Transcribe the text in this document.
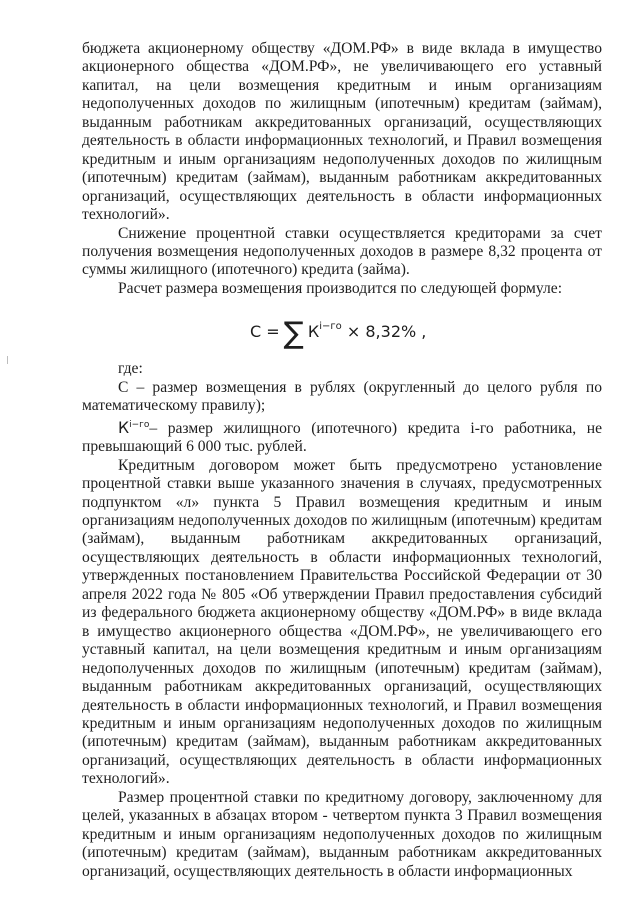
бюджета акционерному обществу «ДОМ.РФ» в виде вклада в имущество акционерного общества «ДОМ.РФ», не увеличивающего его уставный капитал, на цели возмещения кредитным и иным организациям недополученных доходов по жилищным (ипотечным) кредитам (займам), выданным работникам аккредитованных организаций, осуществляющих деятельность в области информационных технологий, и Правил возмещения кредитным и иным организациям недополученных доходов по жилищным (ипотечным) кредитам (займам), выданным работникам аккредитованных организаций, осуществляющих деятельность в области информационных технологий».

Снижение процентной ставки осуществляется кредиторами за счет получения возмещения недополученных доходов в размере 8,32 процента от суммы жилищного (ипотечного) кредита (займа).

Расчет размера возмещения производится по следующей формуле:

С = ∑ $К^{i-го} \times 8,32\%$ ,

где:

С – размер возмещения в рублях (округленный до целого рубля по математическому правилу);

$К^{i-го}-$ размер жилищного (ипотечного) кредита i-го работника, не превышающий 6 000 тыс. рублей.

Кредитным договором может быть предусмотрено установление процентной ставки выше указанного значения в случаях, предусмотренных подпунктом «л» пункта 5 Правил возмещения кредитным и иным организациям недополученных доходов по жилищным (ипотечным) кредитам (займам), выданным работникам аккредитованных организаций, осуществляющих деятельность в области информационных технологий, утвержденных постановлением Правительства Российской Федерации от 30 апреля 2022 года № 805 «Об утверждении Правил предоставления субсидий из федерального бюджета акционерному обществу «ДОМ.РФ» в виде вклада в имущество акционерного общества «ДОМ.РФ», не увеличивающего его уставный капитал, на цели возмещения кредитным и иным организациям недополученных доходов по жилищным (ипотечным) кредитам (займам), выданным работникам аккредитованных организаций, осуществляющих деятельность в области информационных технологий, и Правил возмещения кредитным и иным организациям недополученных доходов по жилищным (ипотечным) кредитам (займам), выданным работникам аккредитованных организаций, осуществляющих деятельность в области информационных технологий».

Размер процентной ставки по кредитному договору, заключенному для целей, указанных в абзацах втором - четвертом пункта 3 Правил возмещения кредитным и иным организациям недополученных доходов по жилищным (ипотечным) кредитам (займам), выданным работникам аккредитованных организаций, осуществляющих деятельность в области информационных
